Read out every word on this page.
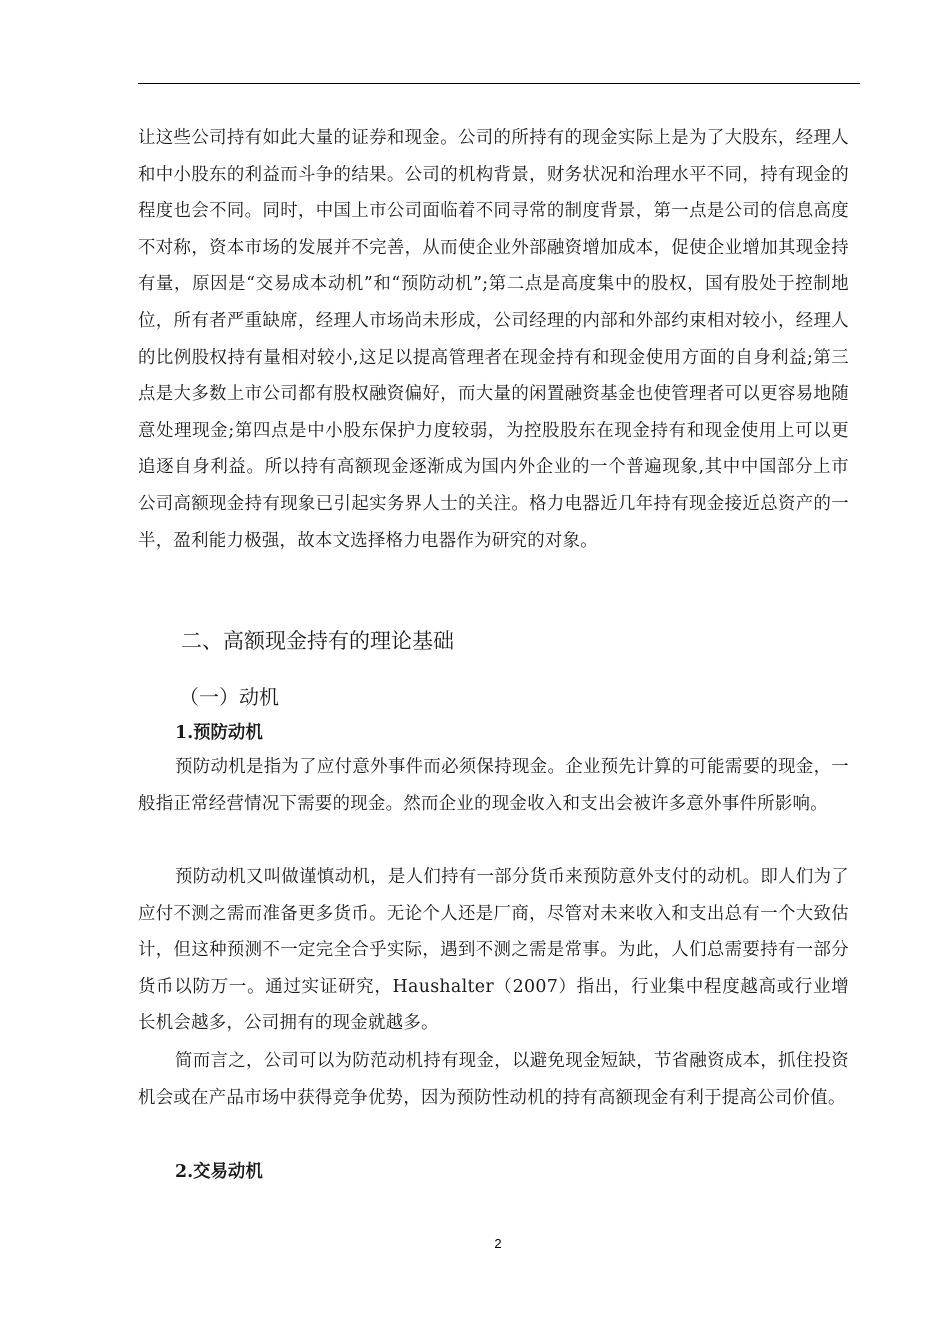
让这些公司持有如此大量的证券和现金。公司的所持有的现金实际上是为了大股东，经理人和中小股东的利益而斗争的结果。公司的机构背景，财务状况和治理水平不同，持有现金的程度也会不同。同时，中国上市公司面临着不同寻常的制度背景，第一点是公司的信息高度不对称，资本市场的发展并不完善，从而使企业外部融资增加成本，促使企业增加其现金持有量，原因是“交易成本动机”和“预防动机”;第二点是高度集中的股权，国有股处于控制地位，所有者严重缺席，经理人市场尚未形成，公司经理的内部和外部约束相对较小，经理人的比例股权持有量相对较小,这足以提高管理者在现金持有和现金使用方面的自身利益;第三点是大多数上市公司都有股权融资偏好，而大量的闲置融资基金也使管理者可以更容易地随意处理现金;第四点是中小股东保护力度较弱，为控股股东在现金持有和现金使用上可以更追逐自身利益。所以持有高额现金逐渐成为国内外企业的一个普遍现象,其中中国部分上市公司高额现金持有现象已引起实务界人士的关注。格力电器近几年持有现金接近总资产的一半，盈利能力极强，故本文选择格力电器作为研究的对象。

二、高额现金持有的理论基础
（一）动机
1.预防动机

预防动机是指为了应付意外事件而必须保持现金。企业预先计算的可能需要的现金，一般指正常经营情况下需要的现金。然而企业的现金收入和支出会被许多意外事件所影响。

预防动机又叫做谨慎动机，是人们持有一部分货币来预防意外支付的动机。即人们为了应付不测之需而准备更多货币。无论个人还是厂商，尽管对未来收入和支出总有一个大致估计，但这种预测不一定完全合乎实际，遇到不测之需是常事。为此，人们总需要持有一部分货币以防万一。通过实证研究，Haushalter（2007）指出，行业集中程度越高或行业增长机会越多，公司拥有的现金就越多。

简而言之，公司可以为防范动机持有现金，以避免现金短缺，节省融资成本，抓住投资机会或在产品市场中获得竞争优势，因为预防性动机的持有高额现金有利于提高公司价值。

2.交易动机
2
